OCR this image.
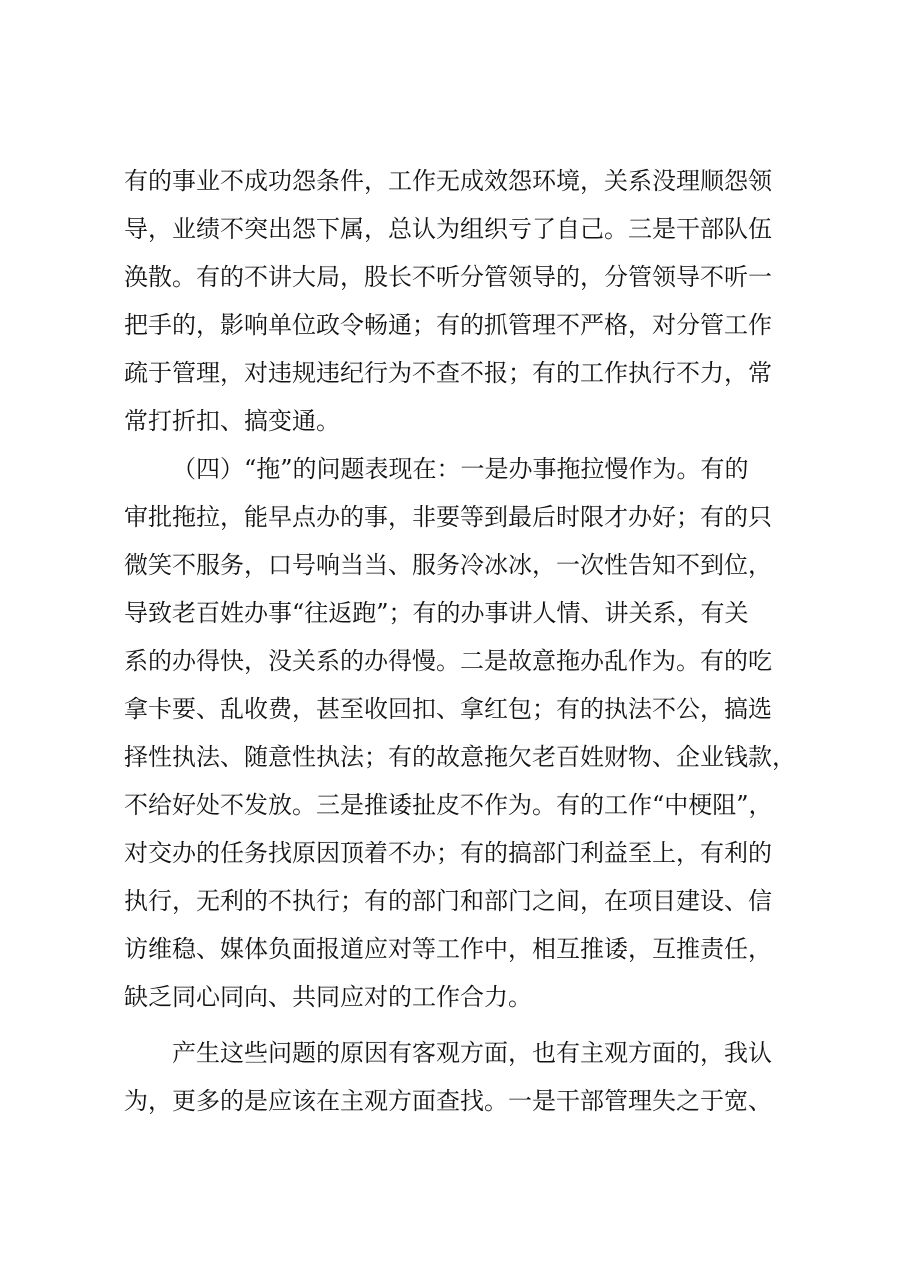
有的事业不成功怨条件，工作无成效怨环境，关系没理顺怨领
导，业绩不突出怨下属，总认为组织亏了自己。三是干部队伍
涣散。有的不讲大局，股长不听分管领导的，分管领导不听一
把手的，影响单位政令畅通；有的抓管理不严格，对分管工作
疏于管理，对违规违纪行为不查不报；有的工作执行不力，常
常打折扣、搞变通。
（四）“拖”的问题表现在：一是办事拖拉慢作为。有的
审批拖拉，能早点办的事，非要等到最后时限才办好；有的只
微笑不服务，口号响当当、服务冷冰冰，一次性告知不到位，
导致老百姓办事“往返跑”；有的办事讲人情、讲关系，有关
系的办得快，没关系的办得慢。二是故意拖办乱作为。有的吃
拿卡要、乱收费，甚至收回扣、拿红包；有的执法不公，搞选
择性执法、随意性执法；有的故意拖欠老百姓财物、企业钱款，
不给好处不发放。三是推诿扯皮不作为。有的工作“中梗阻”，
对交办的任务找原因顶着不办；有的搞部门利益至上，有利的
执行，无利的不执行；有的部门和部门之间，在项目建设、信
访维稳、媒体负面报道应对等工作中，相互推诿，互推责任，
缺乏同心同向、共同应对的工作合力。
产生这些问题的原因有客观方面，也有主观方面的，我认
为，更多的是应该在主观方面查找。一是干部管理失之于宽、
